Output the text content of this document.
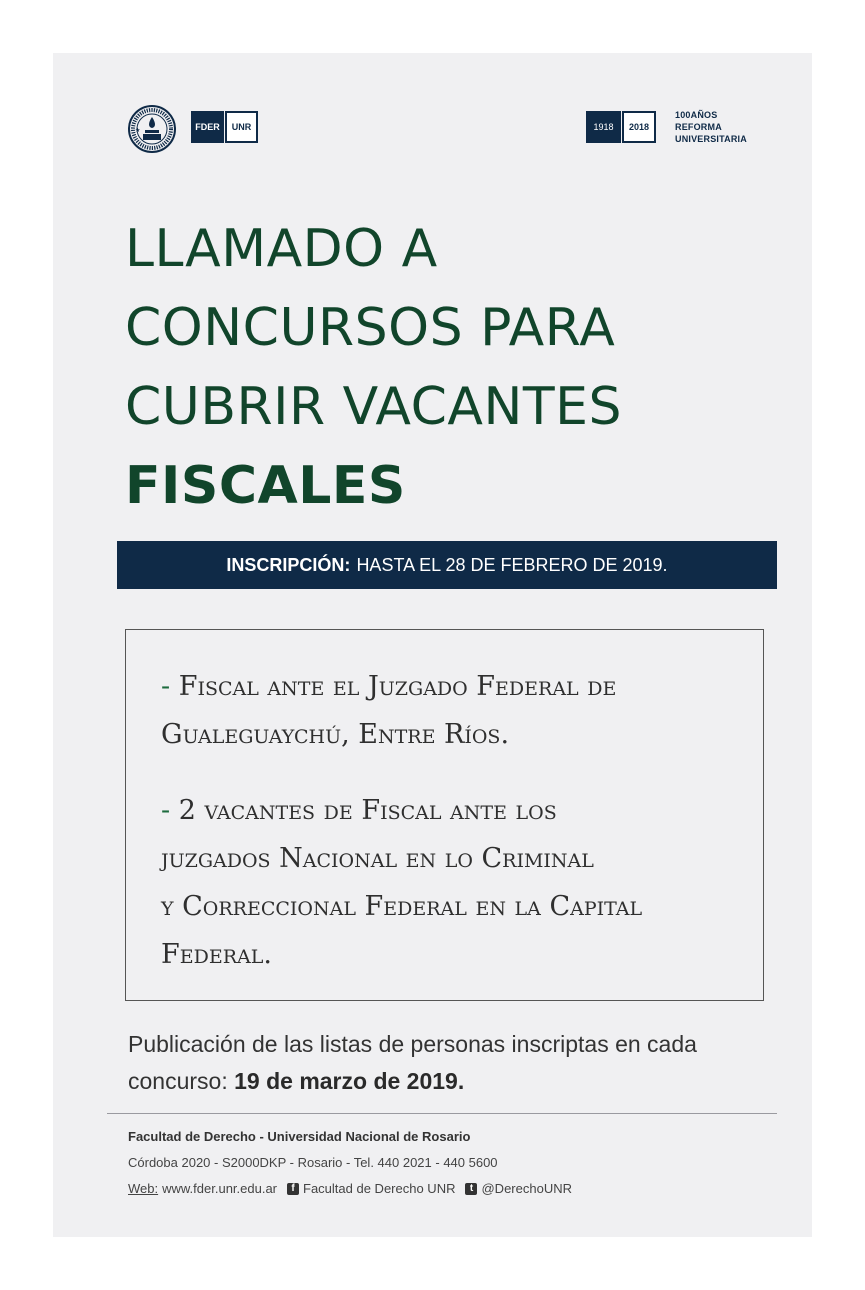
★	FDER	UNR	1918	2018
100AÑOS
REFORMA
UNIVERSITARIA
LLAMADO A
CONCURSOS PARA
CUBRIR VACANTES
FISCALES
INSCRIPCIÓN: HASTA EL 28 DE FEBRERO DE 2019.
- Fiscal ante el Juzgado Federal de
Gualeguaychú, Entre Ríos.
- 2 vacantes de Fiscal ante los
juzgados Nacional en lo Criminal
y Correccional Federal en la Capital
Federal.
Publicación de las listas de personas inscriptas en cada concurso: 19 de marzo de 2019.
Facultad de Derecho - Universidad Nacional de Rosario
Córdoba 2020 - S2000DKP - Rosario - Tel. 440 2021 - 440 5600
Web: www.fder.unr.edu.ar	f Facultad de Derecho UNR	t @DerechoUNR
